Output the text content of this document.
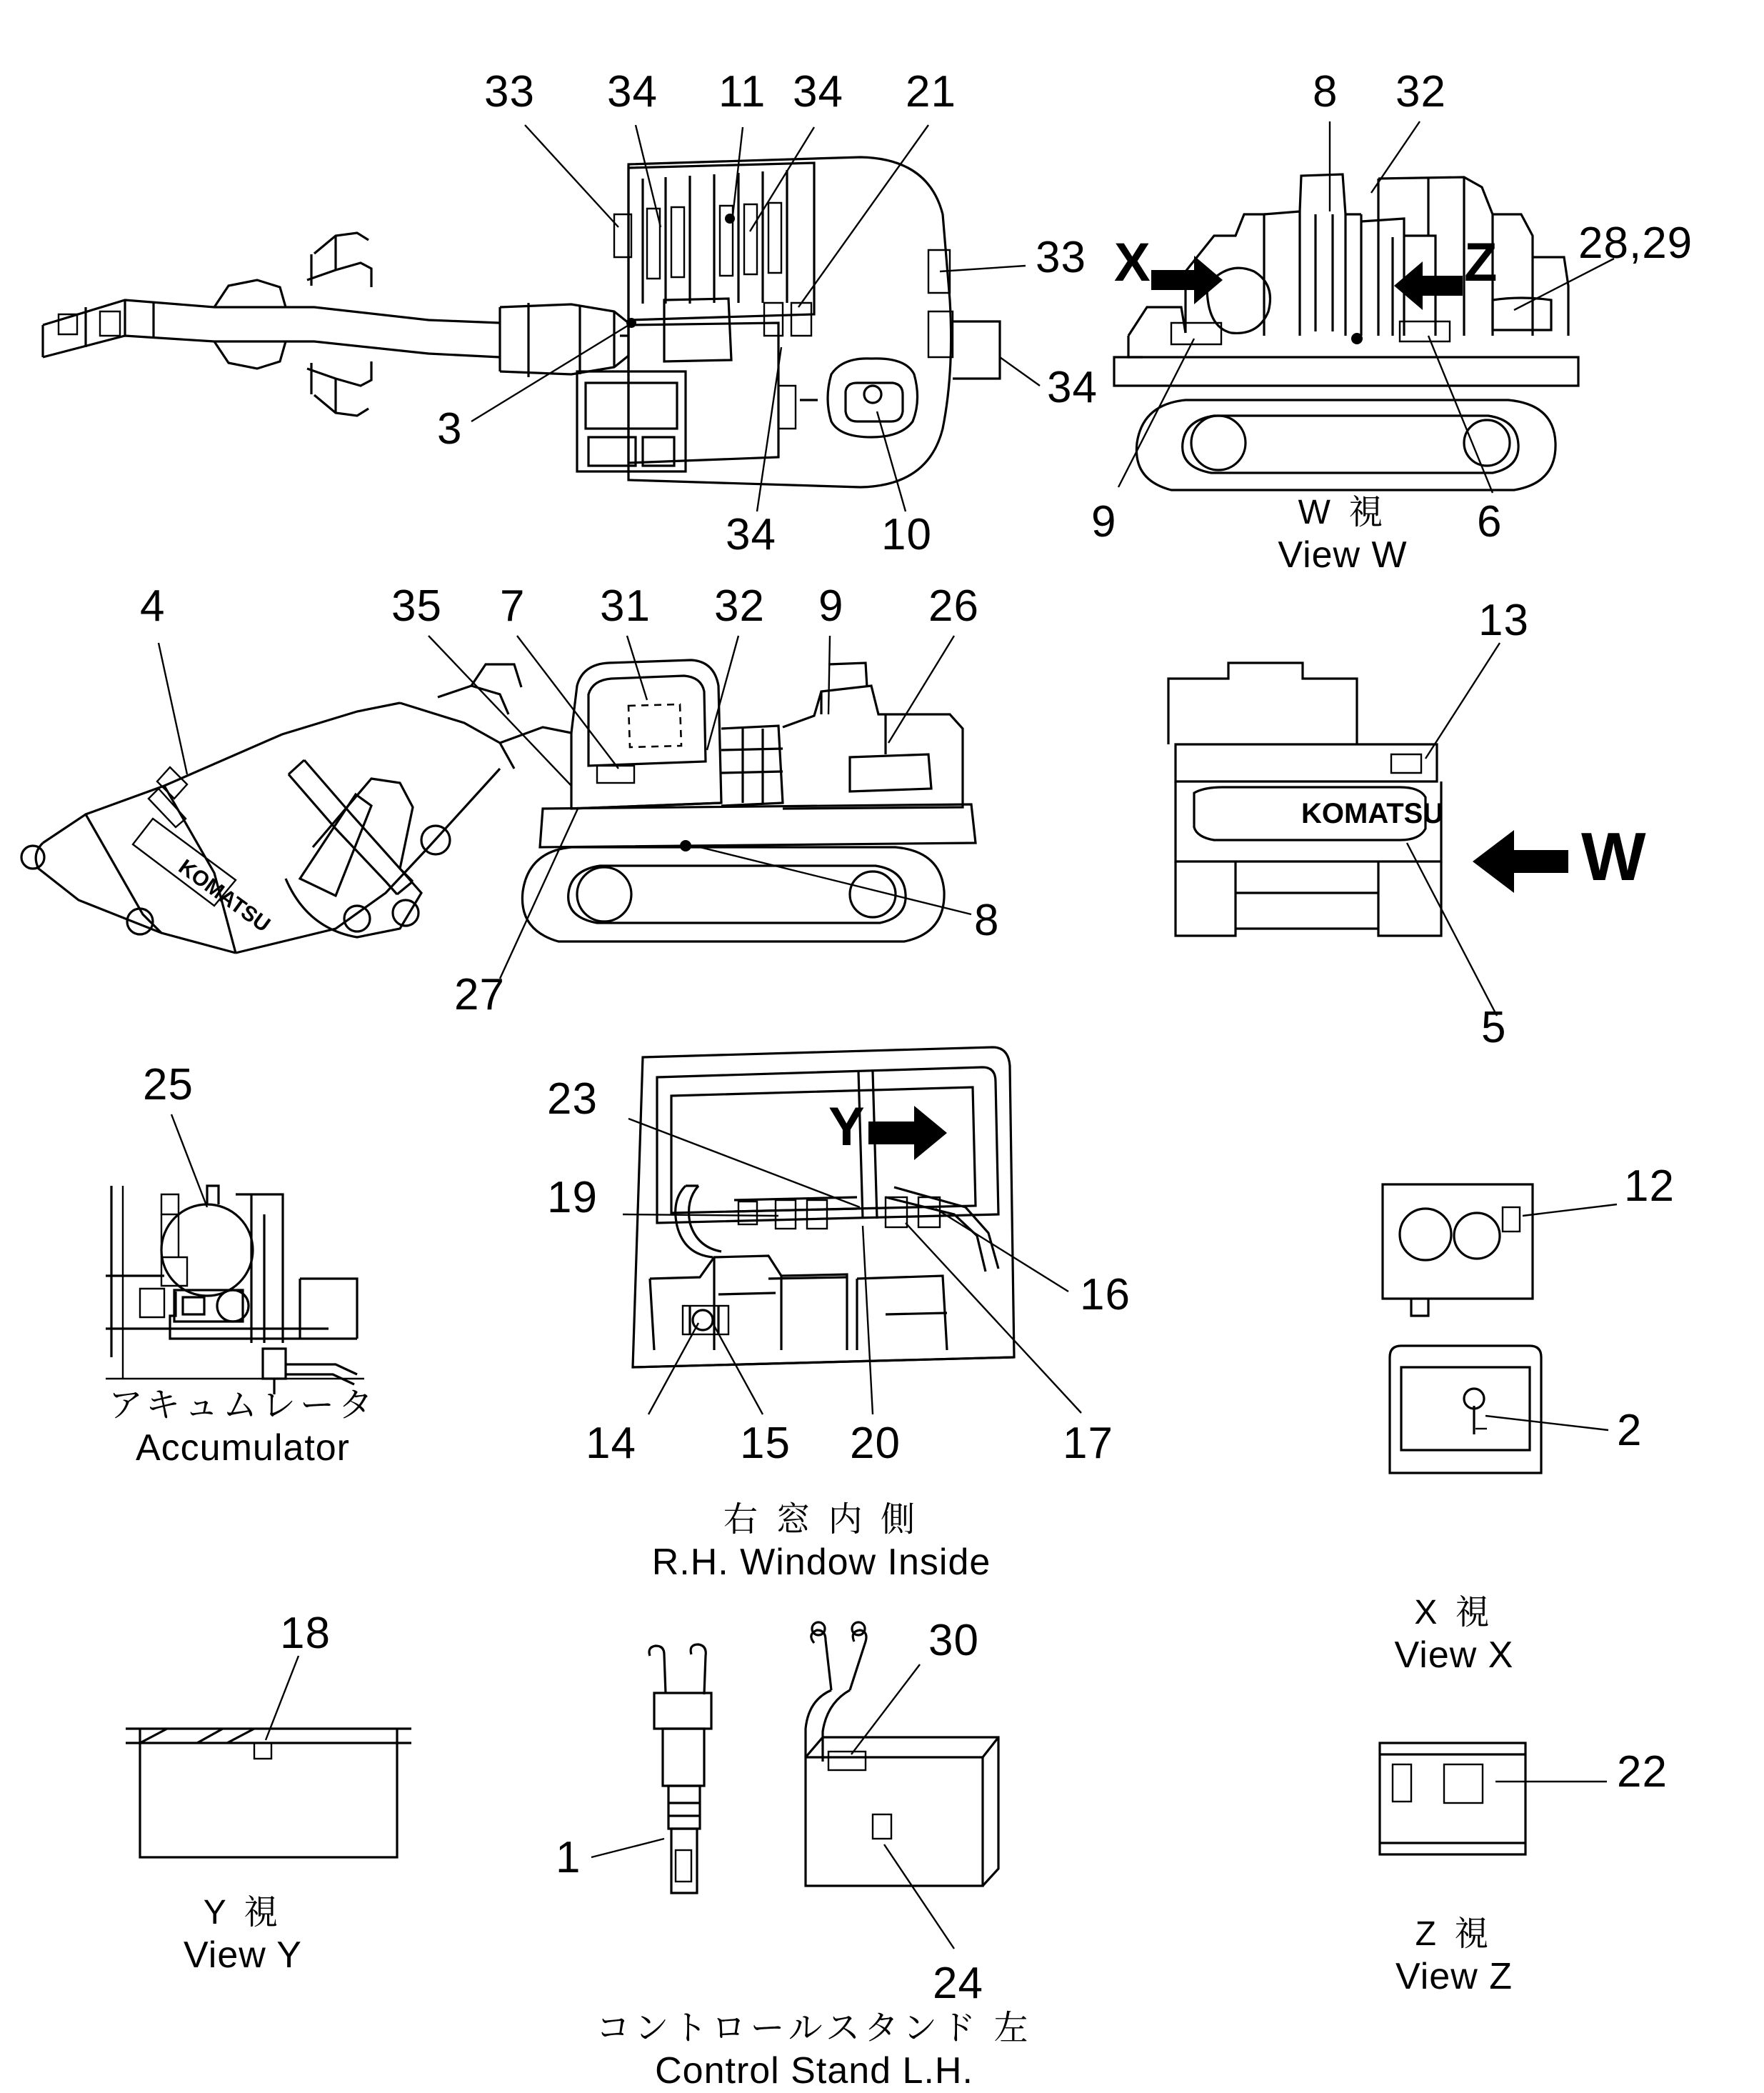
KOMATSU
KOMATSU
33 34 11 34 21
33
34
3
34 10
8 32
28,29
9	6
X	Z
W 視
View W
4	35 7 31 32 9 26
8
27
13
5
W
25
アキュムレータ
Accumulator
23
19
16
14 15 20	17
Y
右 窓 内 側
R.H. Window Inside
12
2
X 視
View X
18
Y 視
View Y
30
1
24
コントロールスタンド 左
Control Stand L.H.
22
Z 視
View Z
